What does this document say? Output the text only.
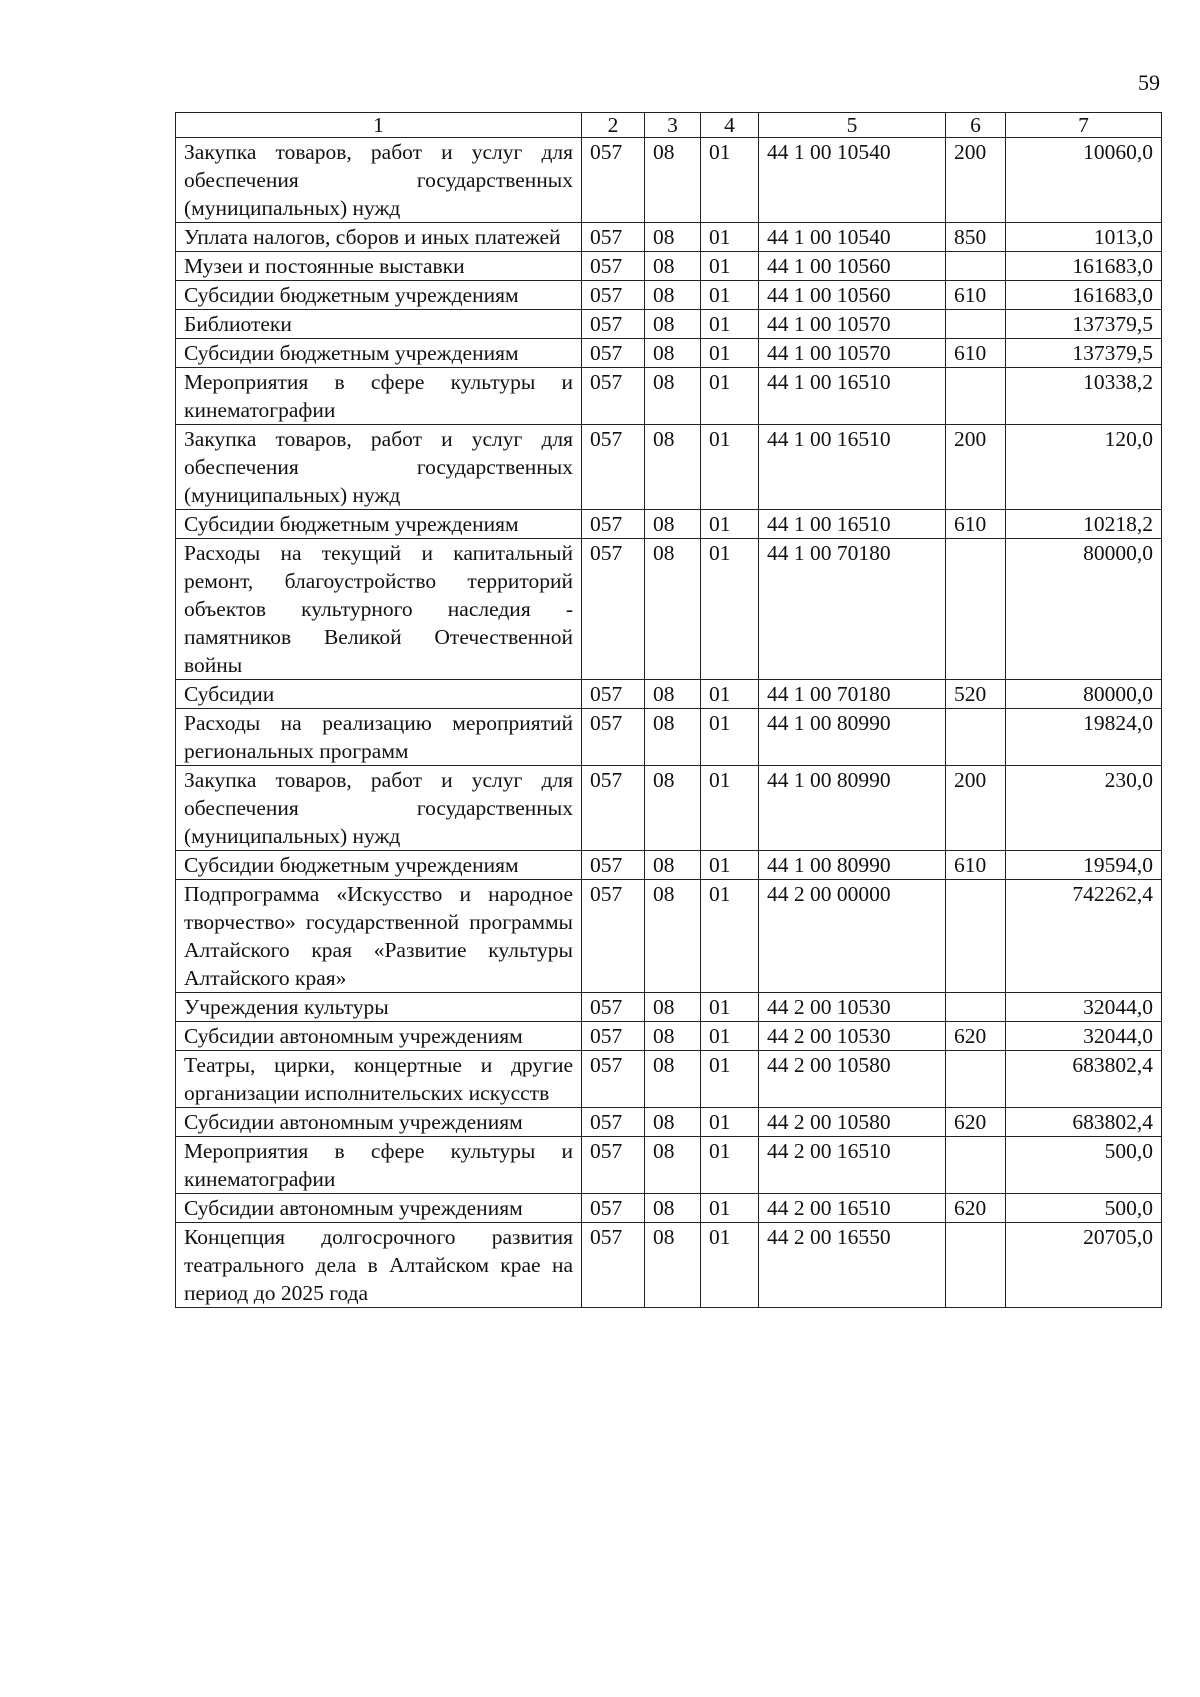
59
1	2	3	4	5	6	7
Закупка товаров, работ и услуг для обеспечения государственных (муниципальных) нужд	057	08	01	44 1 00 10540	200	10060,0
Уплата налогов, сборов и иных платежей	057	08	01	44 1 00 10540	850	1013,0
Музеи и постоянные выставки	057	08	01	44 1 00 10560		161683,0
Субсидии бюджетным учреждениям	057	08	01	44 1 00 10560	610	161683,0
Библиотеки	057	08	01	44 1 00 10570		137379,5
Субсидии бюджетным учреждениям	057	08	01	44 1 00 10570	610	137379,5
Мероприятия в сфере культуры и кинематографии	057	08	01	44 1 00 16510		10338,2
Закупка товаров, работ и услуг для обеспечения государственных (муниципальных) нужд	057	08	01	44 1 00 16510	200	120,0
Субсидии бюджетным учреждениям	057	08	01	44 1 00 16510	610	10218,2
Расходы на текущий и капитальный ремонт, благоустройство территорий объектов культурного наследия - памятников Великой Отечественной войны	057	08	01	44 1 00 70180		80000,0
Субсидии	057	08	01	44 1 00 70180	520	80000,0
Расходы на реализацию мероприятий региональных программ	057	08	01	44 1 00 80990		19824,0
Закупка товаров, работ и услуг для обеспечения государственных (муниципальных) нужд	057	08	01	44 1 00 80990	200	230,0
Субсидии бюджетным учреждениям	057	08	01	44 1 00 80990	610	19594,0
Подпрограмма «Искусство и народное творчество» государственной программы Алтайского края «Развитие культуры Алтайского края»	057	08	01	44 2 00 00000		742262,4
Учреждения культуры	057	08	01	44 2 00 10530		32044,0
Субсидии автономным учреждениям	057	08	01	44 2 00 10530	620	32044,0
Театры, цирки, концертные и другие организации исполнительских искусств	057	08	01	44 2 00 10580		683802,4
Субсидии автономным учреждениям	057	08	01	44 2 00 10580	620	683802,4
Мероприятия в сфере культуры и кинематографии	057	08	01	44 2 00 16510		500,0
Субсидии автономным учреждениям	057	08	01	44 2 00 16510	620	500,0
Концепция долгосрочного развития театрального дела в Алтайском крае на период до 2025 года	057	08	01	44 2 00 16550		20705,0
